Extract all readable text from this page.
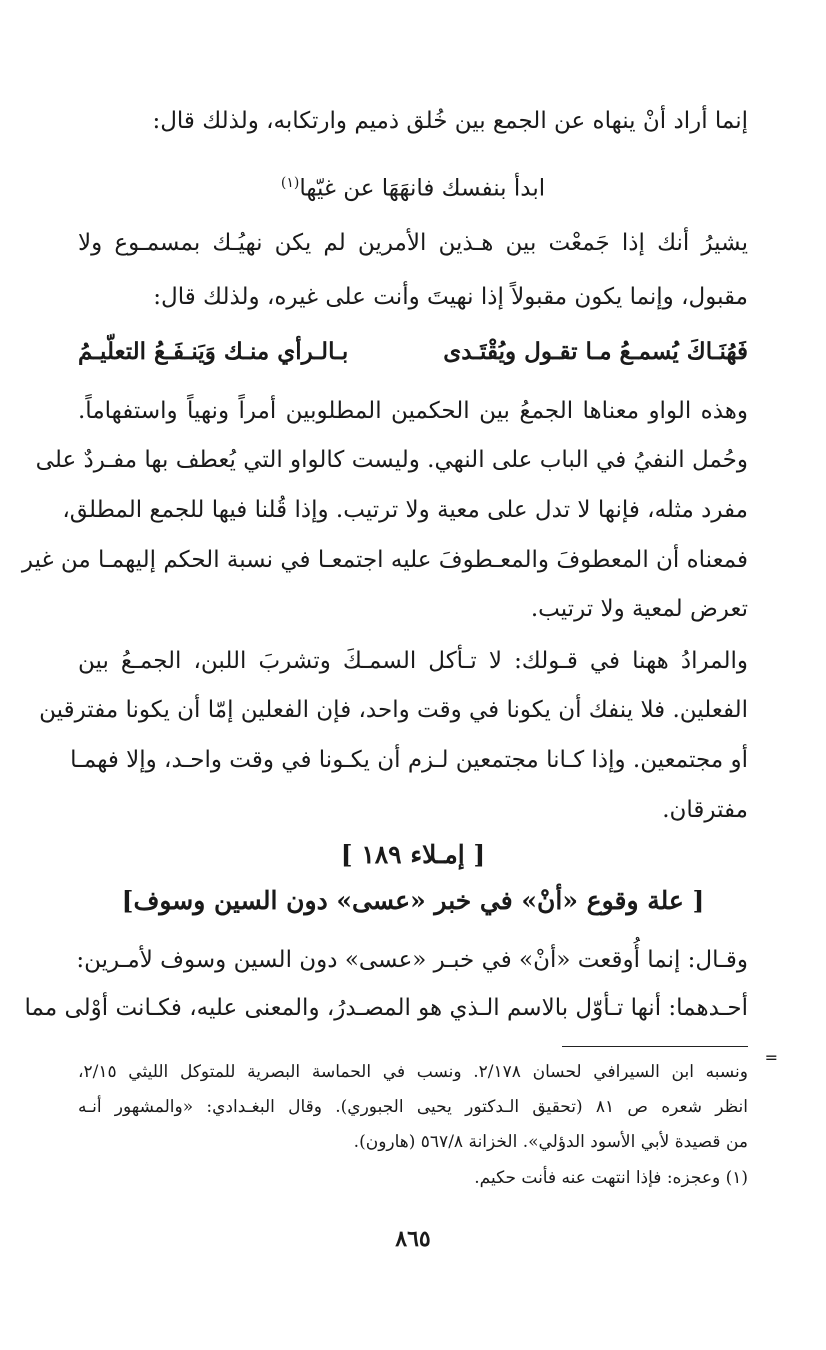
إنما أراد أنْ ينهاه عن الجمع بين خُلق ذميم وارتكابه، ولذلك قال:
ابدأ بنفسك فانهَهَا عن غيّها$^{(١)}$
يشيرُ أنك إذا جَمعْت بين هـذين الأمرين لم يكن نهيُـك بمسمـوع ولا
مقبول، وإنما يكون مقبولاً إذا نهيتَ وأنت على غيره، ولذلك قال:
فَهُنَـاكَ يُسمـعُ مـا تقـول ويُقْتَـدى
بـالـرأي منـك وَيَنـفَـعُ التعلّيـمُ
وهذه الواو معناها الجمعُ بين الحكمين المطلوبين أمراً ونهياً واستفهاماً.
وحُمل النفيُ في الباب على النهي. وليست كالواو التي يُعطف بها مفـردٌ على
مفرد مثله، فإنها لا تدل على معية ولا ترتيب. وإذا قُلنا فيها للجمع المطلق،
فمعناه أن المعطوفَ والمعـطوفَ عليه اجتمعـا في نسبة الحكم إليهمـا من غير
تعرض لمعية ولا ترتيب.
والمرادُ ههنا في قـولك: لا تـأكل السمـكَ وتشربَ اللبن، الجمـعُ بين
الفعلين. فلا ينفك أن يكونا في وقت واحد، فإن الفعلين إمّا أن يكونا مفترقين
أو مجتمعين. وإذا كـانا مجتمعين لـزم أن يكـونا في وقت واحـد، وإلا فهمـا
مفترقان.
[ إمـلاء ١٨٩ ]
[ علة وقوع «أنْ» في خبر «عسى» دون السين وسوف]
وقـال: إنما أُوقعت «أنْ» في خبـر «عسى» دون السين وسوف لأمـرين:
أحـدهما: أنها تـأوّل بالاسم الـذي هو المصـدرُ، والمعنى عليه، فكـانت أوْلى مما
=
ونسبه ابن السيرافي لحسان ٢/١٧٨. ونسب في الحماسة البصرية للمتوكل الليثي ٢/١٥،
انظر شعره ص ٨١ (تحقيق الـدكتور يحيى الجبوري). وقال البغـدادي: «والمشهور أنـه
من قصيدة لأبي الأسود الدؤلي». الخزانة ٥٦٧/٨ (هارون).
(١) وعجزه: فإذا انتهت عنه فأنت حكيم.
٨٦٥
